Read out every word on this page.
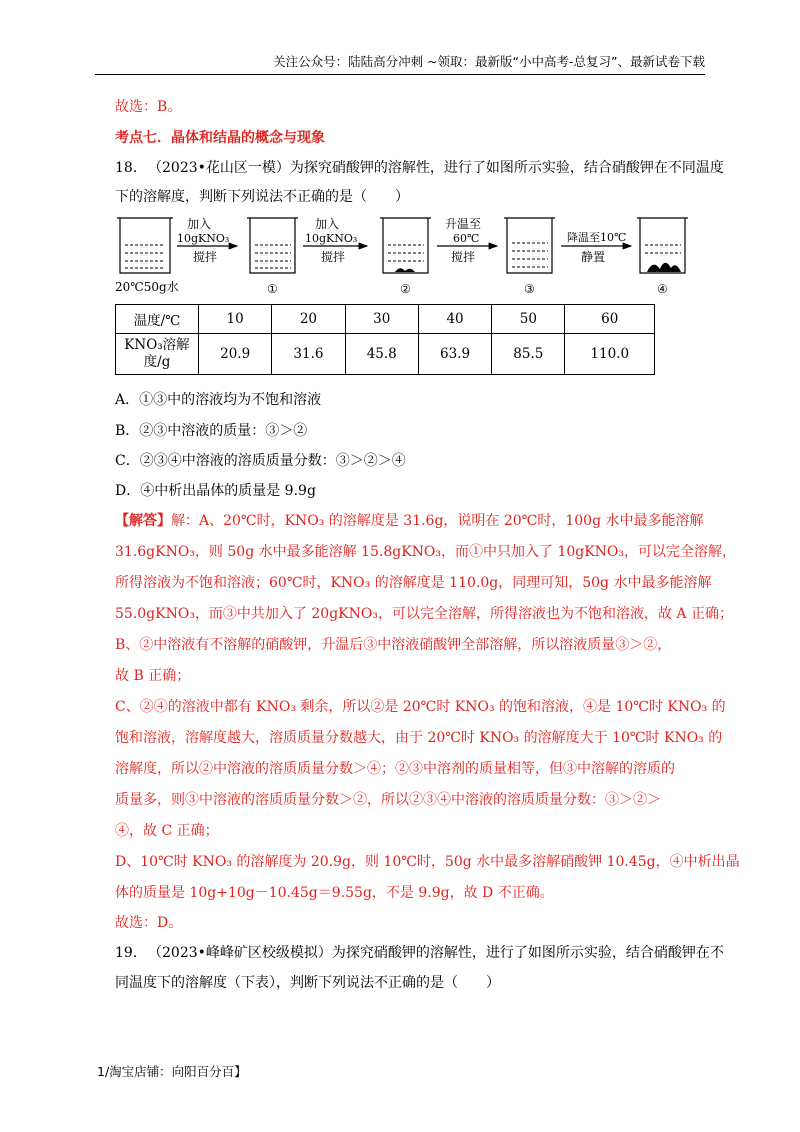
关注公众号：陆陆高分冲刺 ~领取：最新版“小中高考-总复习”、最新试卷下载
故选：B。
考点七．晶体和结晶的概念与现象
18． （2023•花山区一模）为探究硝酸钾的溶解性，进行了如图所示实验，结合硝酸钾在不同温度
下的溶解度，判断下列说法不正确的是（　　）
20℃50g水
加入
10gKNO₃
搅拌
①
加入
10gKNO₃
搅拌
②
升温至
60℃
搅拌
③
降温至10℃
静置
④
温度/℃	10	20	30	40	50	60
KNO₃溶解
度/g	20.9	31.6	45.8	63.9	85.5	110.0
A．①③中的溶液均为不饱和溶液
B．②③中溶液的质量：③＞②
C．②③④中溶液的溶质质量分数：③＞②＞④
D．④中析出晶体的质量是 9.9g
【解答】解：A、20℃时，KNO₃ 的溶解度是 31.6g，说明在 20℃时，100g 水中最多能溶解
31.6gKNO₃，则 50g 水中最多能溶解 15.8gKNO₃，而①中只加入了 10gKNO₃，可以完全溶解，
所得溶液为不饱和溶液；60℃时，KNO₃ 的溶解度是 110.0g，同理可知，50g 水中最多能溶解
55.0gKNO₃，而③中共加入了 20gKNO₃，可以完全溶解，所得溶液也为不饱和溶液，故 A 正确；
B、②中溶液有不溶解的硝酸钾，升温后③中溶液硝酸钾全部溶解，所以溶液质量③＞②，
故 B 正确；
C、②④的溶液中都有 KNO₃ 剩余，所以②是 20℃时 KNO₃ 的饱和溶液，④是 10℃时 KNO₃ 的
饱和溶液，溶解度越大，溶质质量分数越大，由于 20℃时 KNO₃ 的溶解度大于 10℃时 KNO₃ 的
溶解度，所以②中溶液的溶质质量分数＞④；②③中溶剂的质量相等，但③中溶解的溶质的
质量多，则③中溶液的溶质质量分数＞②，所以②③④中溶液的溶质质量分数：③＞②＞
④，故 C 正确；
D、10℃时 KNO₃ 的溶解度为 20.9g，则 10℃时，50g 水中最多溶解硝酸钾 10.45g，④中析出晶
体的质量是 10g+10g－10.45g＝9.55g，不是 9.9g，故 D 不正确。
故选：D。
19． （2023•峰峰矿区校级模拟）为探究硝酸钾的溶解性，进行了如图所示实验，结合硝酸钾在不
同温度下的溶解度（下表），判断下列说法不正确的是（　　）
1/淘宝店铺：向阳百分百】
